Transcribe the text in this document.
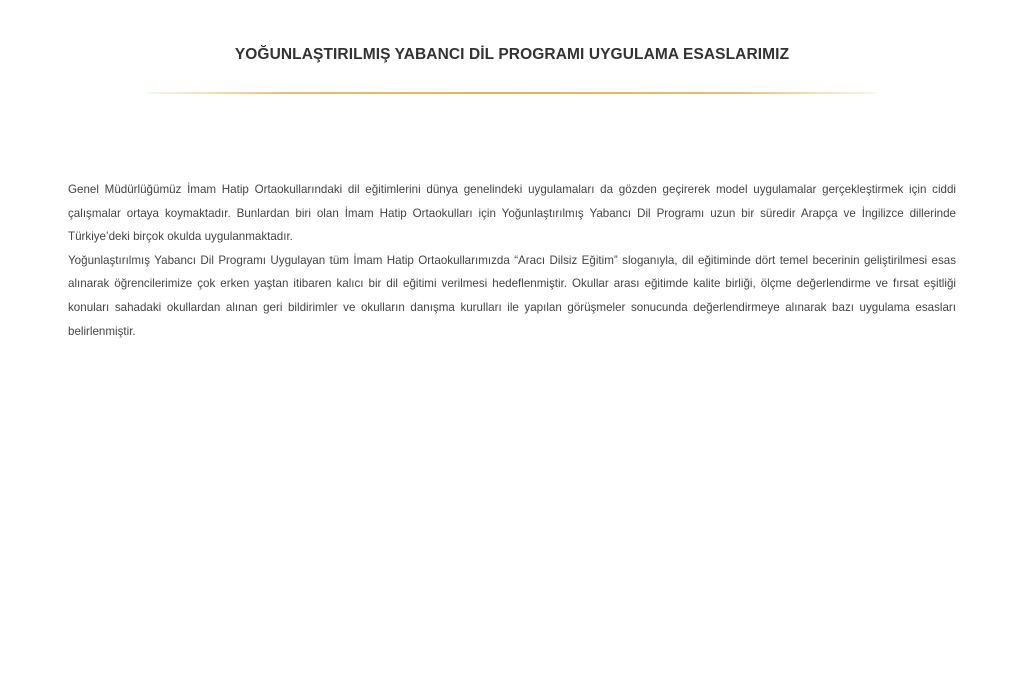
YOĞUNLAŞTIRILMIŞ YABANCI DİL PROGRAMI UYGULAMA ESASLARIMIZ

Genel Müdürlüğümüz İmam Hatip Ortaokullarındaki dil eğitimlerini dünya genelindeki uygulamaları da gözden geçirerek model uygulamalar gerçekleştirmek için ciddi çalışmalar ortaya koymaktadır. Bunlardan biri olan İmam Hatip Ortaokulları için Yoğunlaştırılmış Yabancı Dil Programı uzun bir süredir Arapça ve İngilizce dillerinde Türkiye’deki birçok okulda uygulanmaktadır.

Yoğunlaştırılmış Yabancı Dil Programı Uygulayan tüm İmam Hatip Ortaokullarımızda “Aracı Dilsiz Eğitim” sloganıyla, dil eğitiminde dört temel becerinin geliştirilmesi esas alınarak öğrencilerimize çok erken yaştan itibaren kalıcı bir dil eğitimi verilmesi hedeflenmiştir. Okullar arası eğitimde kalite birliği, ölçme değerlendirme ve fırsat eşitliği konuları sahadaki okullardan alınan geri bildirimler ve okulların danışma kurulları ile yapılan görüşmeler sonucunda değerlendirmeye alınarak bazı uygulama esasları belirlenmiştir.
